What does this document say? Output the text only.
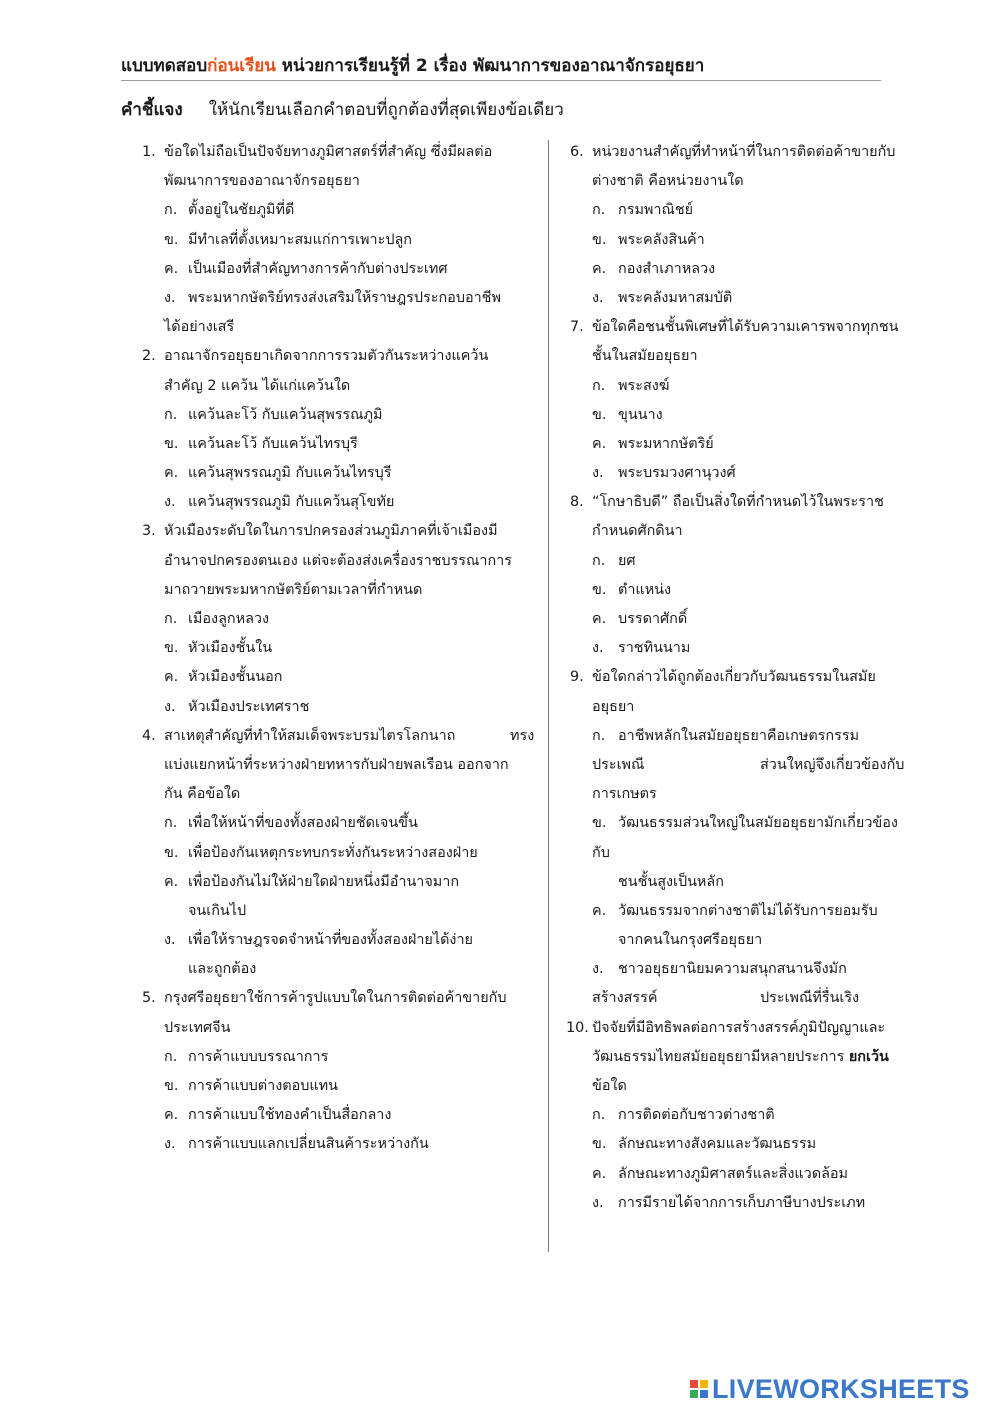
แบบทดสอบก่อนเรียน หน่วยการเรียนรู้ที่ 2 เรื่อง พัฒนาการของอาณาจักรอยุธยา
คำชี้แจง ให้นักเรียนเลือกคำตอบที่ถูกต้องที่สุดเพียงข้อเดียว
1. ข้อใดไม่ถือเป็นปัจจัยทางภูมิศาสตร์ที่สำคัญ ซึ่งมีผลต่อ
พัฒนาการของอาณาจักรอยุธยา
ก. ตั้งอยู่ในชัยภูมิที่ดี
ข. มีทำเลที่ตั้งเหมาะสมแก่การเพาะปลูก
ค. เป็นเมืองที่สำคัญทางการค้ากับต่างประเทศ
ง. พระมหากษัตริย์ทรงส่งเสริมให้ราษฎรประกอบอาชีพ
ได้อย่างเสรี
2. อาณาจักรอยุธยาเกิดจากการรวมตัวกันระหว่างแคว้น
สำคัญ 2 แคว้น ได้แก่แคว้นใด
ก. แคว้นละโว้ กับแคว้นสุพรรณภูมิ
ข. แคว้นละโว้ กับแคว้นไทรบุรี
ค. แคว้นสุพรรณภูมิ กับแคว้นไทรบุรี
ง. แคว้นสุพรรณภูมิ กับแคว้นสุโขทัย
3. หัวเมืองระดับใดในการปกครองส่วนภูมิภาคที่เจ้าเมืองมี
อำนาจปกครองตนเอง แต่จะต้องส่งเครื่องราชบรรณาการ
มาถวายพระมหากษัตริย์ตามเวลาที่กำหนด
ก. เมืองลูกหลวง
ข. หัวเมืองชั้นใน
ค. หัวเมืองชั้นนอก
ง. หัวเมืองประเทศราช
4. สาเหตุสำคัญที่ทำให้สมเด็จพระบรมไตรโลกนาถ	ทรง
แบ่งแยกหน้าที่ระหว่างฝ่ายทหารกับฝ่ายพลเรือน ออกจาก
กัน คือข้อใด
ก. เพื่อให้หน้าที่ของทั้งสองฝ่ายชัดเจนขึ้น
ข. เพื่อป้องกันเหตุกระทบกระทั่งกันระหว่างสองฝ่าย
ค. เพื่อป้องกันไม่ให้ฝ่ายใดฝ่ายหนึ่งมีอำนาจมาก
จนเกินไป
ง. เพื่อให้ราษฎรจดจำหน้าที่ของทั้งสองฝ่ายได้ง่าย
และถูกต้อง
5. กรุงศรีอยุธยาใช้การค้ารูปแบบใดในการติดต่อค้าขายกับ
ประเทศจีน
ก. การค้าแบบบรรณาการ
ข. การค้าแบบต่างตอบแทน
ค. การค้าแบบใช้ทองคำเป็นสื่อกลาง
ง. การค้าแบบแลกเปลี่ยนสินค้าระหว่างกัน
6. หน่วยงานสำคัญที่ทำหน้าที่ในการติดต่อค้าขายกับ
ต่างชาติ คือหน่วยงานใด
ก. กรมพาณิชย์
ข. พระคลังสินค้า
ค. กองสำเภาหลวง
ง. พระคลังมหาสมบัติ
7. ข้อใดคือชนชั้นพิเศษที่ได้รับความเคารพจากทุกชน
ชั้นในสมัยอยุธยา
ก. พระสงฆ์
ข. ขุนนาง
ค. พระมหากษัตริย์
ง. พระบรมวงศานุวงศ์
8. “โกษาธิบดี” ถือเป็นสิ่งใดที่กำหนดไว้ในพระราช
กำหนดศักดินา
ก. ยศ
ข. ตำแหน่ง
ค. บรรดาศักดิ์
ง. ราชทินนาม
9. ข้อใดกล่าวได้ถูกต้องเกี่ยวกับวัฒนธรรมในสมัย
อยุธยา
ก. อาชีพหลักในสมัยอยุธยาคือเกษตรกรรม
ประเพณี	ส่วนใหญ่จึงเกี่ยวข้องกับ
การเกษตร
ข. วัฒนธรรมส่วนใหญ่ในสมัยอยุธยามักเกี่ยวข้อง
กับ
ชนชั้นสูงเป็นหลัก
ค. วัฒนธรรมจากต่างชาติไม่ได้รับการยอมรับ
จากคนในกรุงศรีอยุธยา
ง. ชาวอยุธยานิยมความสนุกสนานจึงมัก
สร้างสรรค์	ประเพณีที่รื่นเริง
10. ปัจจัยที่มีอิทธิพลต่อการสร้างสรรค์ภูมิปัญญาและ
วัฒนธรรมไทยสมัยอยุธยามีหลายประการ ยกเว้น
ข้อใด
ก. การติดต่อกับชาวต่างชาติ
ข. ลักษณะทางสังคมและวัฒนธรรม
ค. ลักษณะทางภูมิศาสตร์และสิ่งแวดล้อม
ง. การมีรายได้จากการเก็บภาษีบางประเภท
LIVEWORKSHEETS
